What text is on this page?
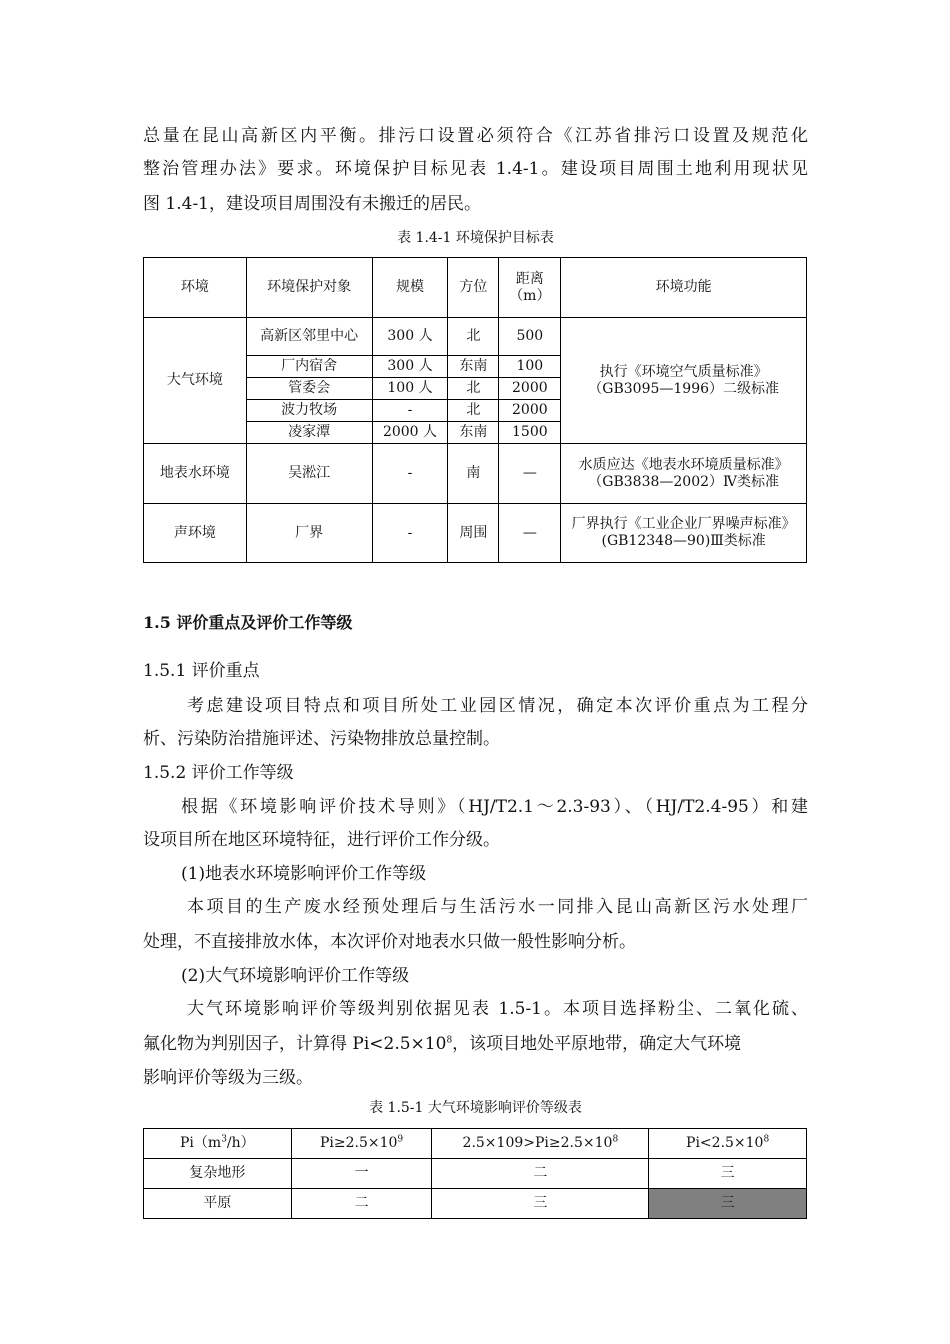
总量在昆山高新区内平衡。排污口设置必须符合《江苏省排污口设置及规范化
整治管理办法》要求。环境保护目标见表 1.4-1。建设项目周围土地利用现状见
图 1.4-1，建设项目周围没有未搬迁的居民。
表 1.4-1 环境保护目标表
环境	环境保护对象	规模	方位	距离（m）	环境功能
大气环境	高新区邻里中心	300 人	北	500	执行《环境空气质量标准》（GB3095—1996）二级标准
	厂内宿舍	300 人	东南	100	
	管委会	100 人	北	2000	
	波力牧场	-	北	2000	
	凌家潭	2000 人	东南	1500	
地表水环境	吴淞江	-	南	—	水质应达《地表水环境质量标准》（GB3838—2002）Ⅳ类标准
声环境	厂界	-	周围	—	厂界执行《工业企业厂界噪声标准》(GB12348—90)Ⅲ类标准
1.5 评价重点及评价工作等级
1.5.1 评价重点
考虑建设项目特点和项目所处工业园区情况，确定本次评价重点为工程分
析、污染防治措施评述、污染物排放总量控制。
1.5.2 评价工作等级
根据《环境影响评价技术导则》（HJ/T2.1～2.3-93）、（HJ/T2.4-95）和建
设项目所在地区环境特征，进行评价工作分级。
(1)地表水环境影响评价工作等级
本项目的生产废水经预处理后与生活污水一同排入昆山高新区污水处理厂
处理，不直接排放水体，本次评价对地表水只做一般性影响分析。
(2)大气环境影响评价工作等级
大气环境影响评价等级判别依据见表 1.5-1。本项目选择粉尘、二氧化硫、
氟化物为判别因子，计算得 $Pi<2.5\times 10^8$，该项目地处平原地带，确定大气环境
影响评价等级为三级。
表 1.5-1 大气环境影响评价等级表
$Pi(m^3/h)$	$Pi\ge 2.5\times 10^9$	$2.5\times 109>Pi\ge 2.5\times 10^8$	$Pi<2.5\times 10^8$
复杂地形	一	二	三
平原	二	三	三
